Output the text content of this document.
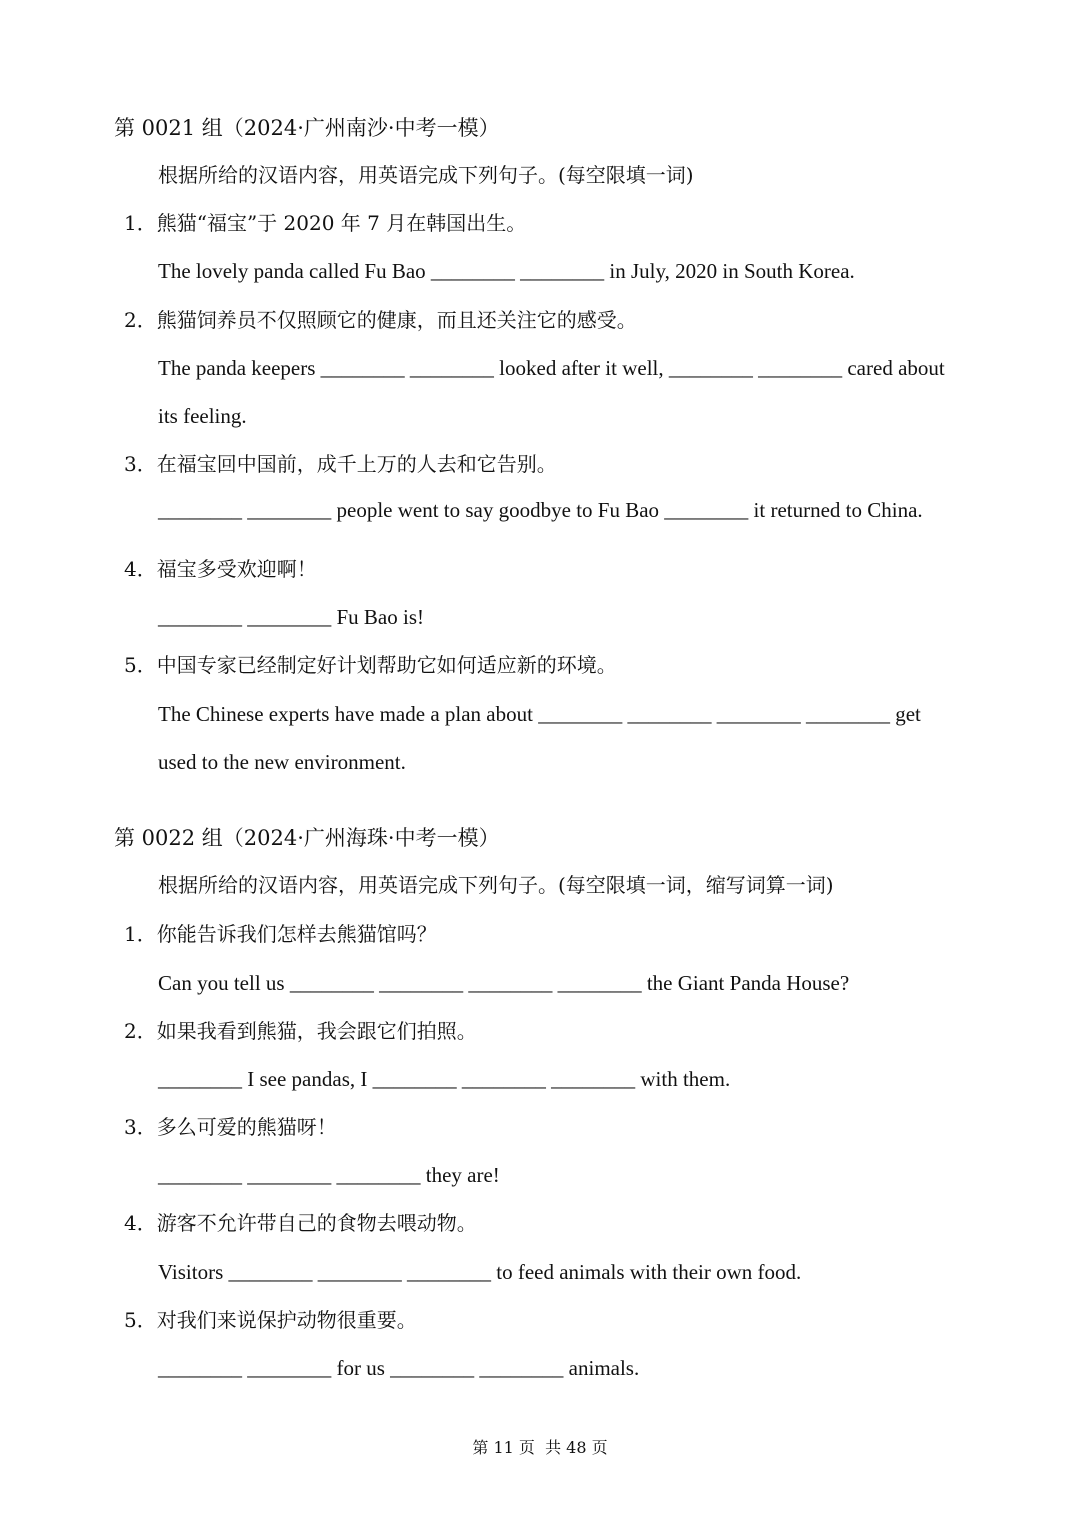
第 0021 组（2024·广州南沙·中考一模）
根据所给的汉语内容，用英语完成下列句子。(每空限填一词)
1．熊猫“福宝”于 2020 年 7 月在韩国出生。
The lovely panda called Fu Bao ________ ________ in July, 2020 in South Korea.
2．熊猫饲养员不仅照顾它的健康，而且还关注它的感受。
The panda keepers ________ ________ looked after it well, ________ ________ cared about
its feeling.
3．在福宝回中国前，成千上万的人去和它告别。
________ ________ people went to say goodbye to Fu Bao ________ it returned to China.
4．福宝多受欢迎啊！
________ ________ Fu Bao is!
5．中国专家已经制定好计划帮助它如何适应新的环境。
The Chinese experts have made a plan about ________ ________ ________ ________ get
used to the new environment.
第 0022 组（2024·广州海珠·中考一模）
根据所给的汉语内容，用英语完成下列句子。(每空限填一词，缩写词算一词)
1．你能告诉我们怎样去熊猫馆吗？
Can you tell us ________ ________ ________ ________ the Giant Panda House?
2．如果我看到熊猫，我会跟它们拍照。
________ I see pandas, I ________ ________ ________ with them.
3．多么可爱的熊猫呀！
________ ________ ________ they are!
4．游客不允许带自己的食物去喂动物。
Visitors ________ ________ ________ to feed animals with their own food.
5．对我们来说保护动物很重要。
________ ________ for us ________ ________ animals.
第 11 页  共 48 页
